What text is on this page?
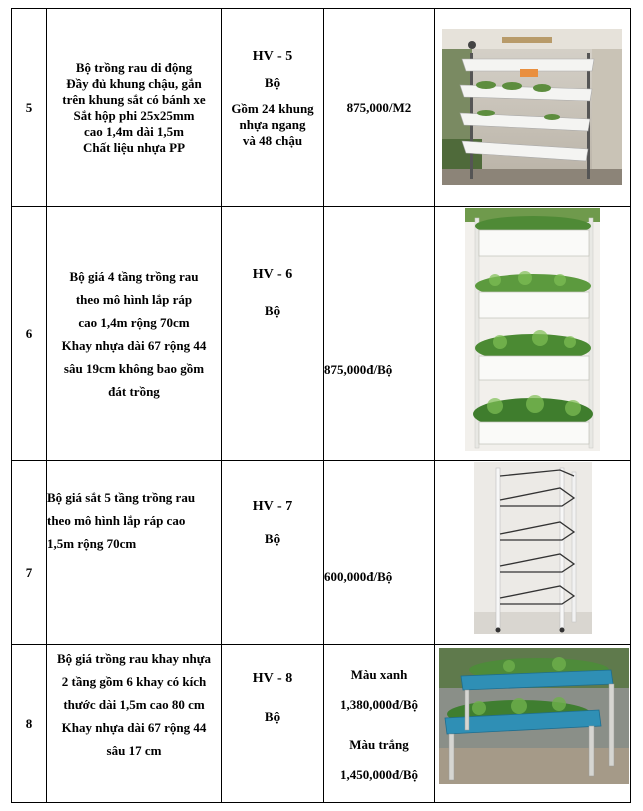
5
Bộ trồng rau di động
Đầy đủ khung chậu, gắn
trên khung sắt có bánh xe
Sắt hộp phi 25x25mm
cao 1,4m dài 1,5m
Chất liệu nhựa PP
HV - 5
Bộ
Gồm 24 khung
nhựa ngang
và 48 chậu
875,000/M2
6
Bộ giá 4 tầng trồng rau
theo mô hình lắp ráp
cao 1,4m rộng 70cm
Khay nhựa dài 67 rộng 44
sâu 19cm không bao gồm
đát trồng
HV - 6
Bộ
875,000đ/Bộ
7
Bộ giá sắt 5 tầng trồng rau
theo mô hình lắp ráp cao
1,5m rộng 70cm
HV - 7
Bộ
600,000đ/Bộ
8
Bộ giá trồng rau khay nhựa
2 tầng gồm 6 khay có kích
thước dài 1,5m cao 80 cm
Khay nhựa dài 67 rộng 44
sâu 17 cm
HV - 8
Bộ
Màu xanh
1,380,000đ/Bộ
Màu trắng
1,450,000đ/Bộ
